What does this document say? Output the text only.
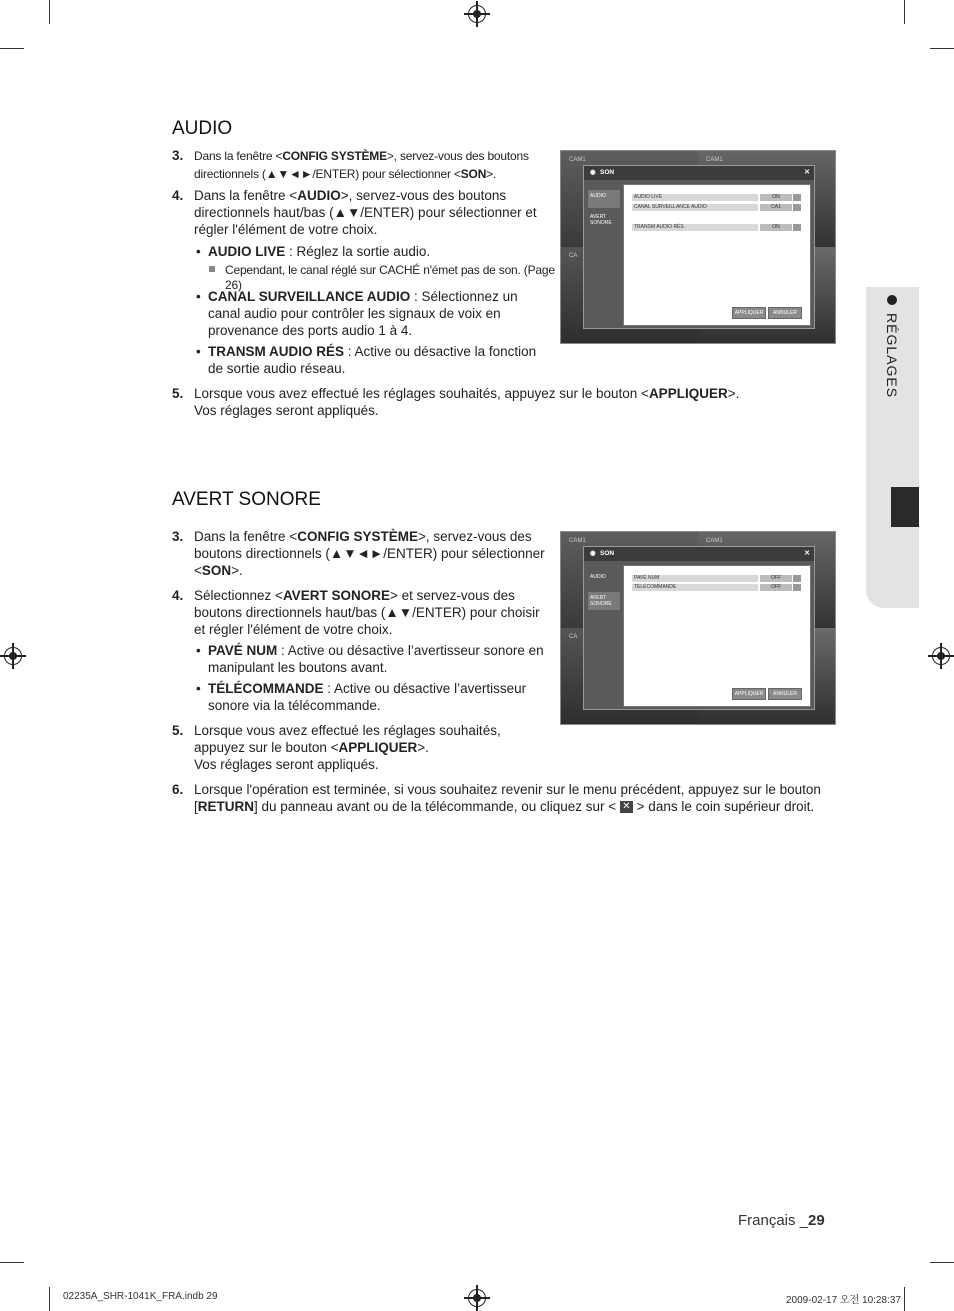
AUDIO
3. Dans la fenêtre <CONFIG SYSTÈME>, servez-vous des boutons directionnels (▲▼◄►/ENTER) pour sélectionner <SON>.
4. Dans la fenêtre <AUDIO>, servez-vous des boutons directionnels haut/bas (▲▼/ENTER) pour sélectionner et régler l'élément de votre choix.
• AUDIO LIVE : Réglez la sortie audio.
Cependant, le canal réglé sur CACHÉ n'émet pas de son. (Page 26)
• CANAL SURVEILLANCE AUDIO : Sélectionnez un canal audio pour contrôler les signaux de voix en provenance des ports audio 1 à 4.
• TRANSM AUDIO RÉS : Active ou désactive la fonction de sortie audio réseau.
5. Lorsque vous avez effectué les réglages souhaités, appuyez sur le bouton <APPLIQUER>.
Vos réglages seront appliqués.
CAM1	CAM1
CA
◉ SON	✕
AUDIO
AVERT SONORE
AUDIO LIVE	ON
CANAL SURVEILLANCE AUDIO	CA1
TRANSM AUDIO RÉS	ON
APPLIQUER	ANNULER
AVERT SONORE
3. Dans la fenêtre <CONFIG SYSTÈME>, servez-vous des boutons directionnels (▲▼◄►/ENTER) pour sélectionner <SON>.
4. Sélectionnez <AVERT SONORE> et servez-vous des boutons directionnels haut/bas (▲▼/ENTER) pour choisir et régler l'élément de votre choix.
• PAVÉ NUM : Active ou désactive l’avertisseur sonore en manipulant les boutons avant.
• TÉLÉCOMMANDE : Active ou désactive l’avertisseur sonore via la télécommande.
5. Lorsque vous avez effectué les réglages souhaités, appuyez sur le bouton <APPLIQUER>.
Vos réglages seront appliqués.
6. Lorsque l'opération est terminée, si vous souhaitez revenir sur le menu précédent, appuyez sur le bouton [RETURN] du panneau avant ou de la télécommande, ou cliquez sur < ✕ > dans le coin supérieur droit.
CAM1	CAM1
CA
◉ SON	✕
AUDIO
AVERT SONORE
PAVÉ NUM	OFF
TÉLÉCOMMANDE	OFF
APPLIQUER	ANNULER
RÉGLAGES
Français _29
02235A_SHR-1041K_FRA.indb 29	2009-02-17 오전 10:28:37
